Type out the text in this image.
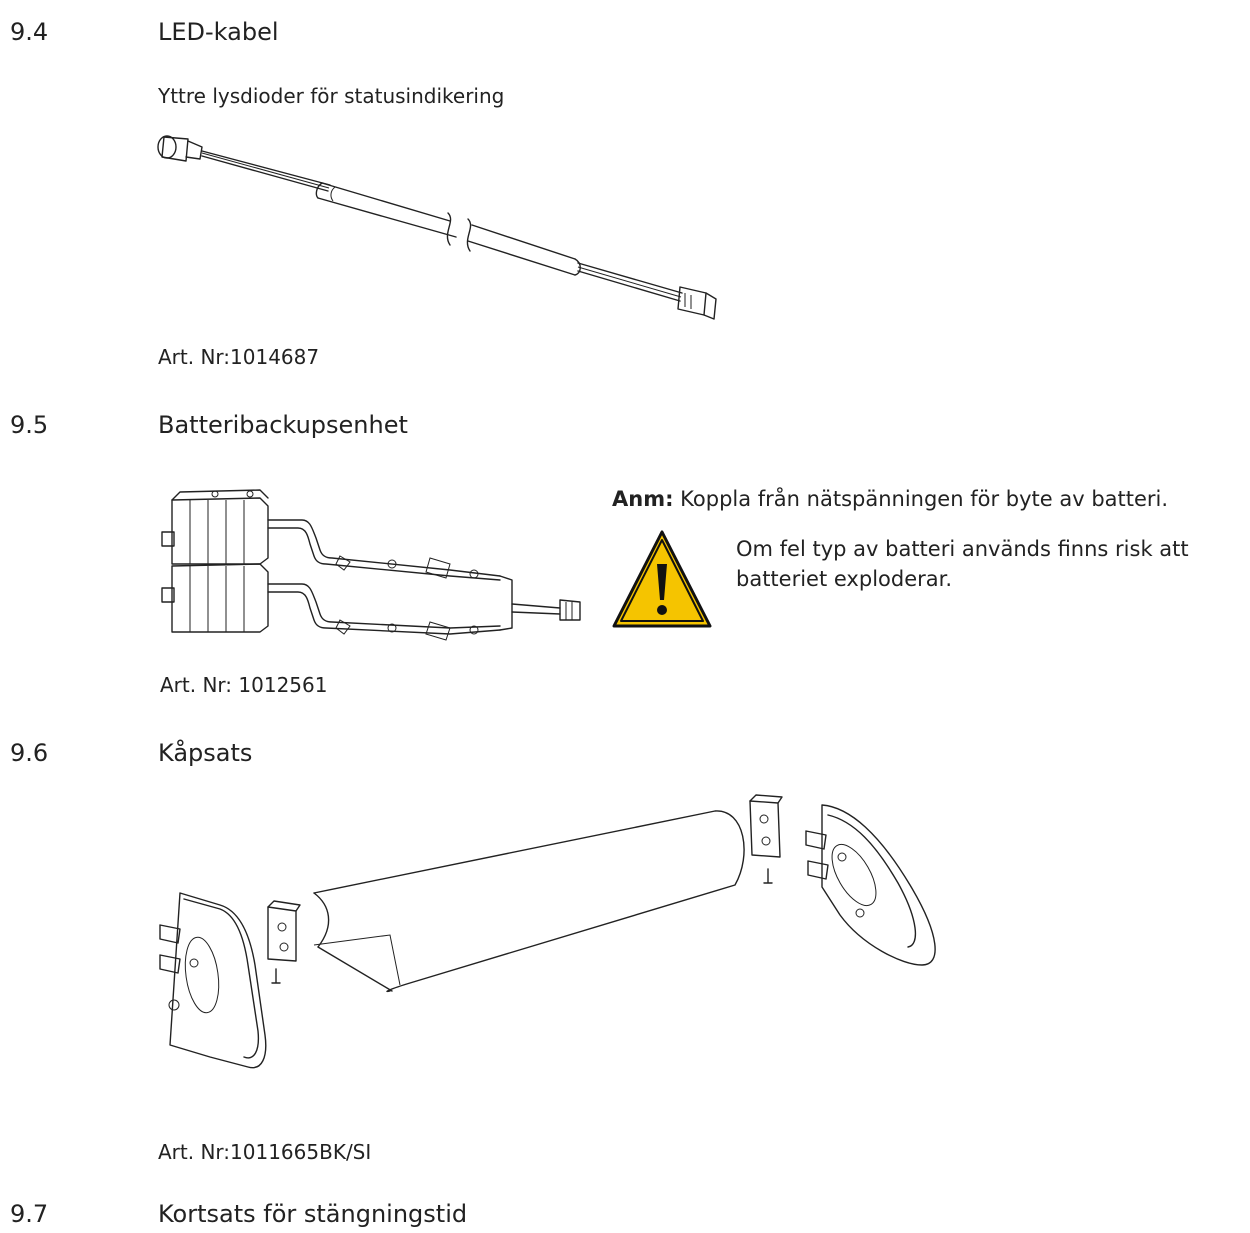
9.4	LED-kabel
Yttre lysdioder för statusindikering
Art. Nr:1014687
9.5	Batteribackupsenhet
Anm: Koppla från nätspänningen för byte av batteri.
Om fel typ av batteri används finns risk att
batteriet exploderar.
Art. Nr: 1012561
9.6	Kåpsats
Art. Nr:1011665BK/SI
9.7	Kortsats för stängningstid
